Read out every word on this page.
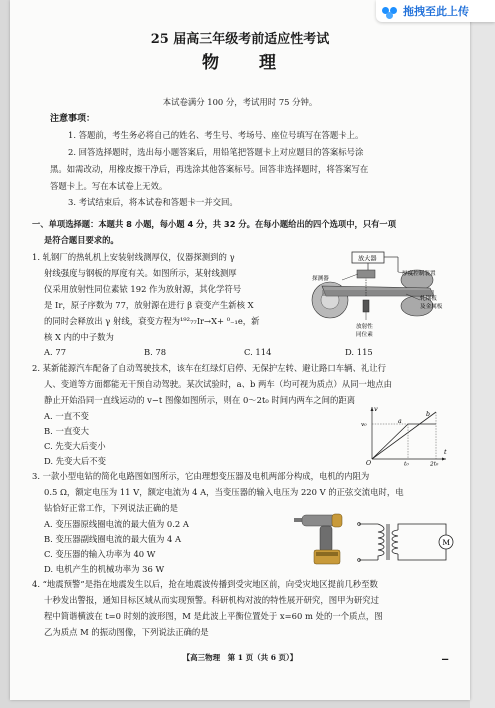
25 届高三年级考前适应性考试
物　　理
本试卷满分 100 分，考试用时 75 分钟。
注意事项：
1. 答题前，考生务必将自己的姓名、考生号、考场号、座位号填写在答题卡上。
2. 回答选择题时，选出每小题答案后，用铅笔把答题卡上对应题目的答案标号涂
黑。如需改动，用橡皮擦干净后，再选涂其他答案标号。回答非选择题时，将答案写在
答题卡上。写在本试卷上无效。
3. 考试结束后，将本试卷和答题卡一并交回。
一、单项选择题：本题共 8 小题，每小题 4 分，共 32 分。在每小题给出的四个选项中，只有一项
是符合题目要求的。
1. 轧钢厂的热轧机上安装射线测厚仪，仪器探测到的 γ
射线强度与钢板的厚度有关。如图所示，某射线测厚
仪采用放射性同位素铱 192 作为放射源，其化学符号
是 Ir，原子序数为 77，放射源在进行 β 衰变产生新核 X
的同时会释放出 γ 射线，衰变方程为¹⁹²₇₇Ir→X+ ⁰₋₁e，新
核 X 内的中子数为
A. 77	B. 78	C. 114	D. 115
放大器
探测器
厚度控制装置
轧钢板
及金属板
放射性
同位素
2. 某新能源汽车配备了自动驾驶技术，该车在红绿灯启停、无保护左转、避让路口车辆、礼让行
人、变道等方面都能无干预自动驾驶。某次试验时，a、b 两车（均可视为质点）从同一地点由
静止开始沿同一直线运动的 v−t 图像如图所示，则在 0～2t₀ 时间内两车之间的距离
A. 一直不变
B. 一直变大
C. 先变大后变小
D. 先变大后不变
v
t
O
v₀
t₀	2t₀
a
b
3. 一款小型电钻的简化电路图如图所示，它由理想变压器及电机两部分构成，电机的内阻为
0.5 Ω，额定电压为 11 V，额定电流为 4 A，当变压器的输入电压为 220 V 的正弦交流电时，电
钻恰好正常工作，下列说法正确的是
A. 变压器原线圈电流的最大值为 0.2 A
B. 变压器副线圈电流的最大值为 4 A
C. 变压器的输入功率为 40 W
D. 电机产生的机械功率为 36 W
M
4. “地震预警”是指在地震发生以后，抢在地震波传播到受灾地区前，向受灾地区提前几秒至数
十秒发出警报，通知目标区域从而实现预警。科研机构对波的特性展开研究，图甲为研究过
程中简谐横波在 t=0 时刻的波形图，M 是此波上平衡位置处于 x=60 m 处的一个质点，图
乙为质点 M 的振动图像，下列说法正确的是
【高三物理　第 1 页（共 6 页）】	▁
拖拽至此上传
